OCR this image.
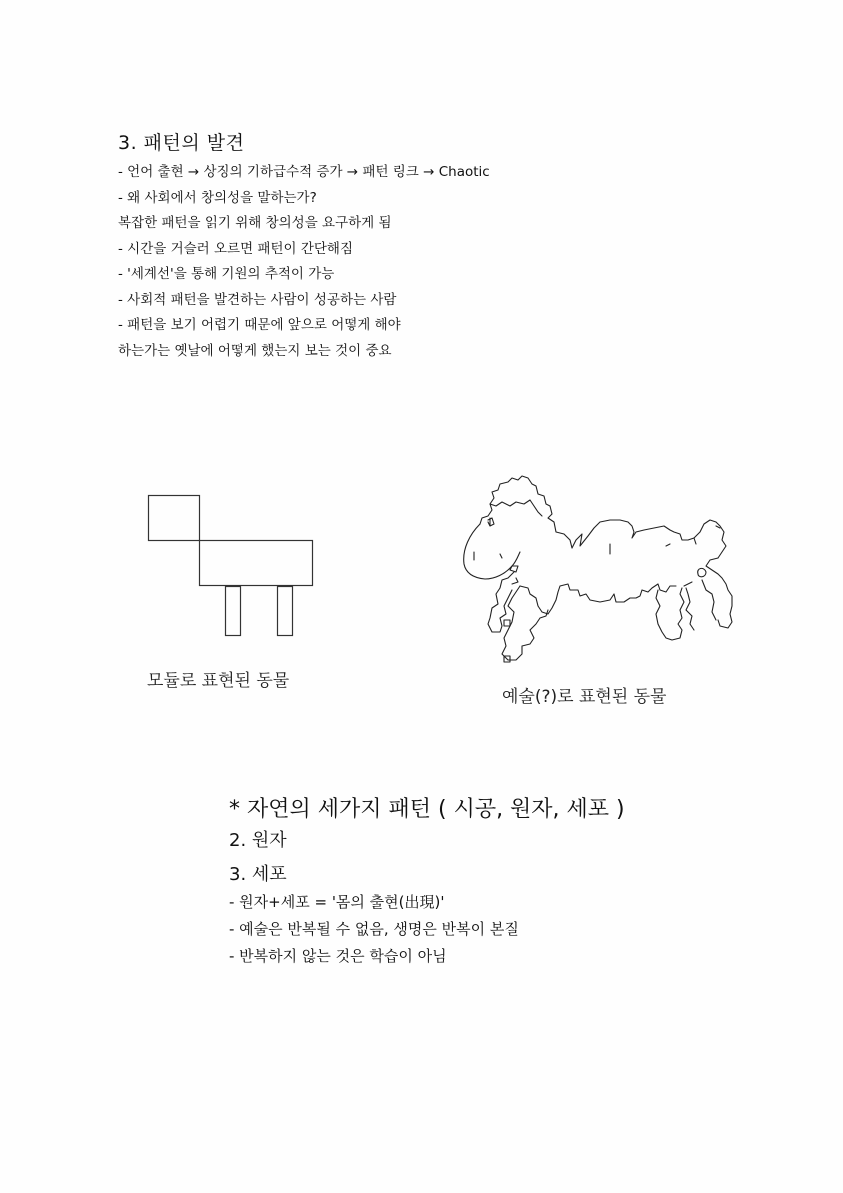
3. 패턴의 발견

- 언어 출현 → 상징의 기하급수적 증가 → 패턴 링크 → Chaotic

- 왜 사회에서 창의성을 말하는가?

복잡한 패턴을 읽기 위해 창의성을 요구하게 됨

- 시간을 거슬러 오르면 패턴이 간단해짐

- '세계선'을 통해 기원의 추적이 가능

- 사회적 패턴을 발견하는 사람이 성공하는 사람

- 패턴을 보기 어렵기 때문에 앞으로 어떻게 해야

하는가는 옛날에 어떻게 했는지 보는 것이 중요

모듈로 표현된 동물
예술(?)로 표현된 동물
* 자연의 세가지 패턴 ( 시공, 원자, 세포 )
2. 원자
3. 세포

- 원자+세포 = '몸의 출현(出現)'

- 예술은 반복될 수 없음, 생명은 반복이 본질

- 반복하지 않는 것은 학습이 아님
